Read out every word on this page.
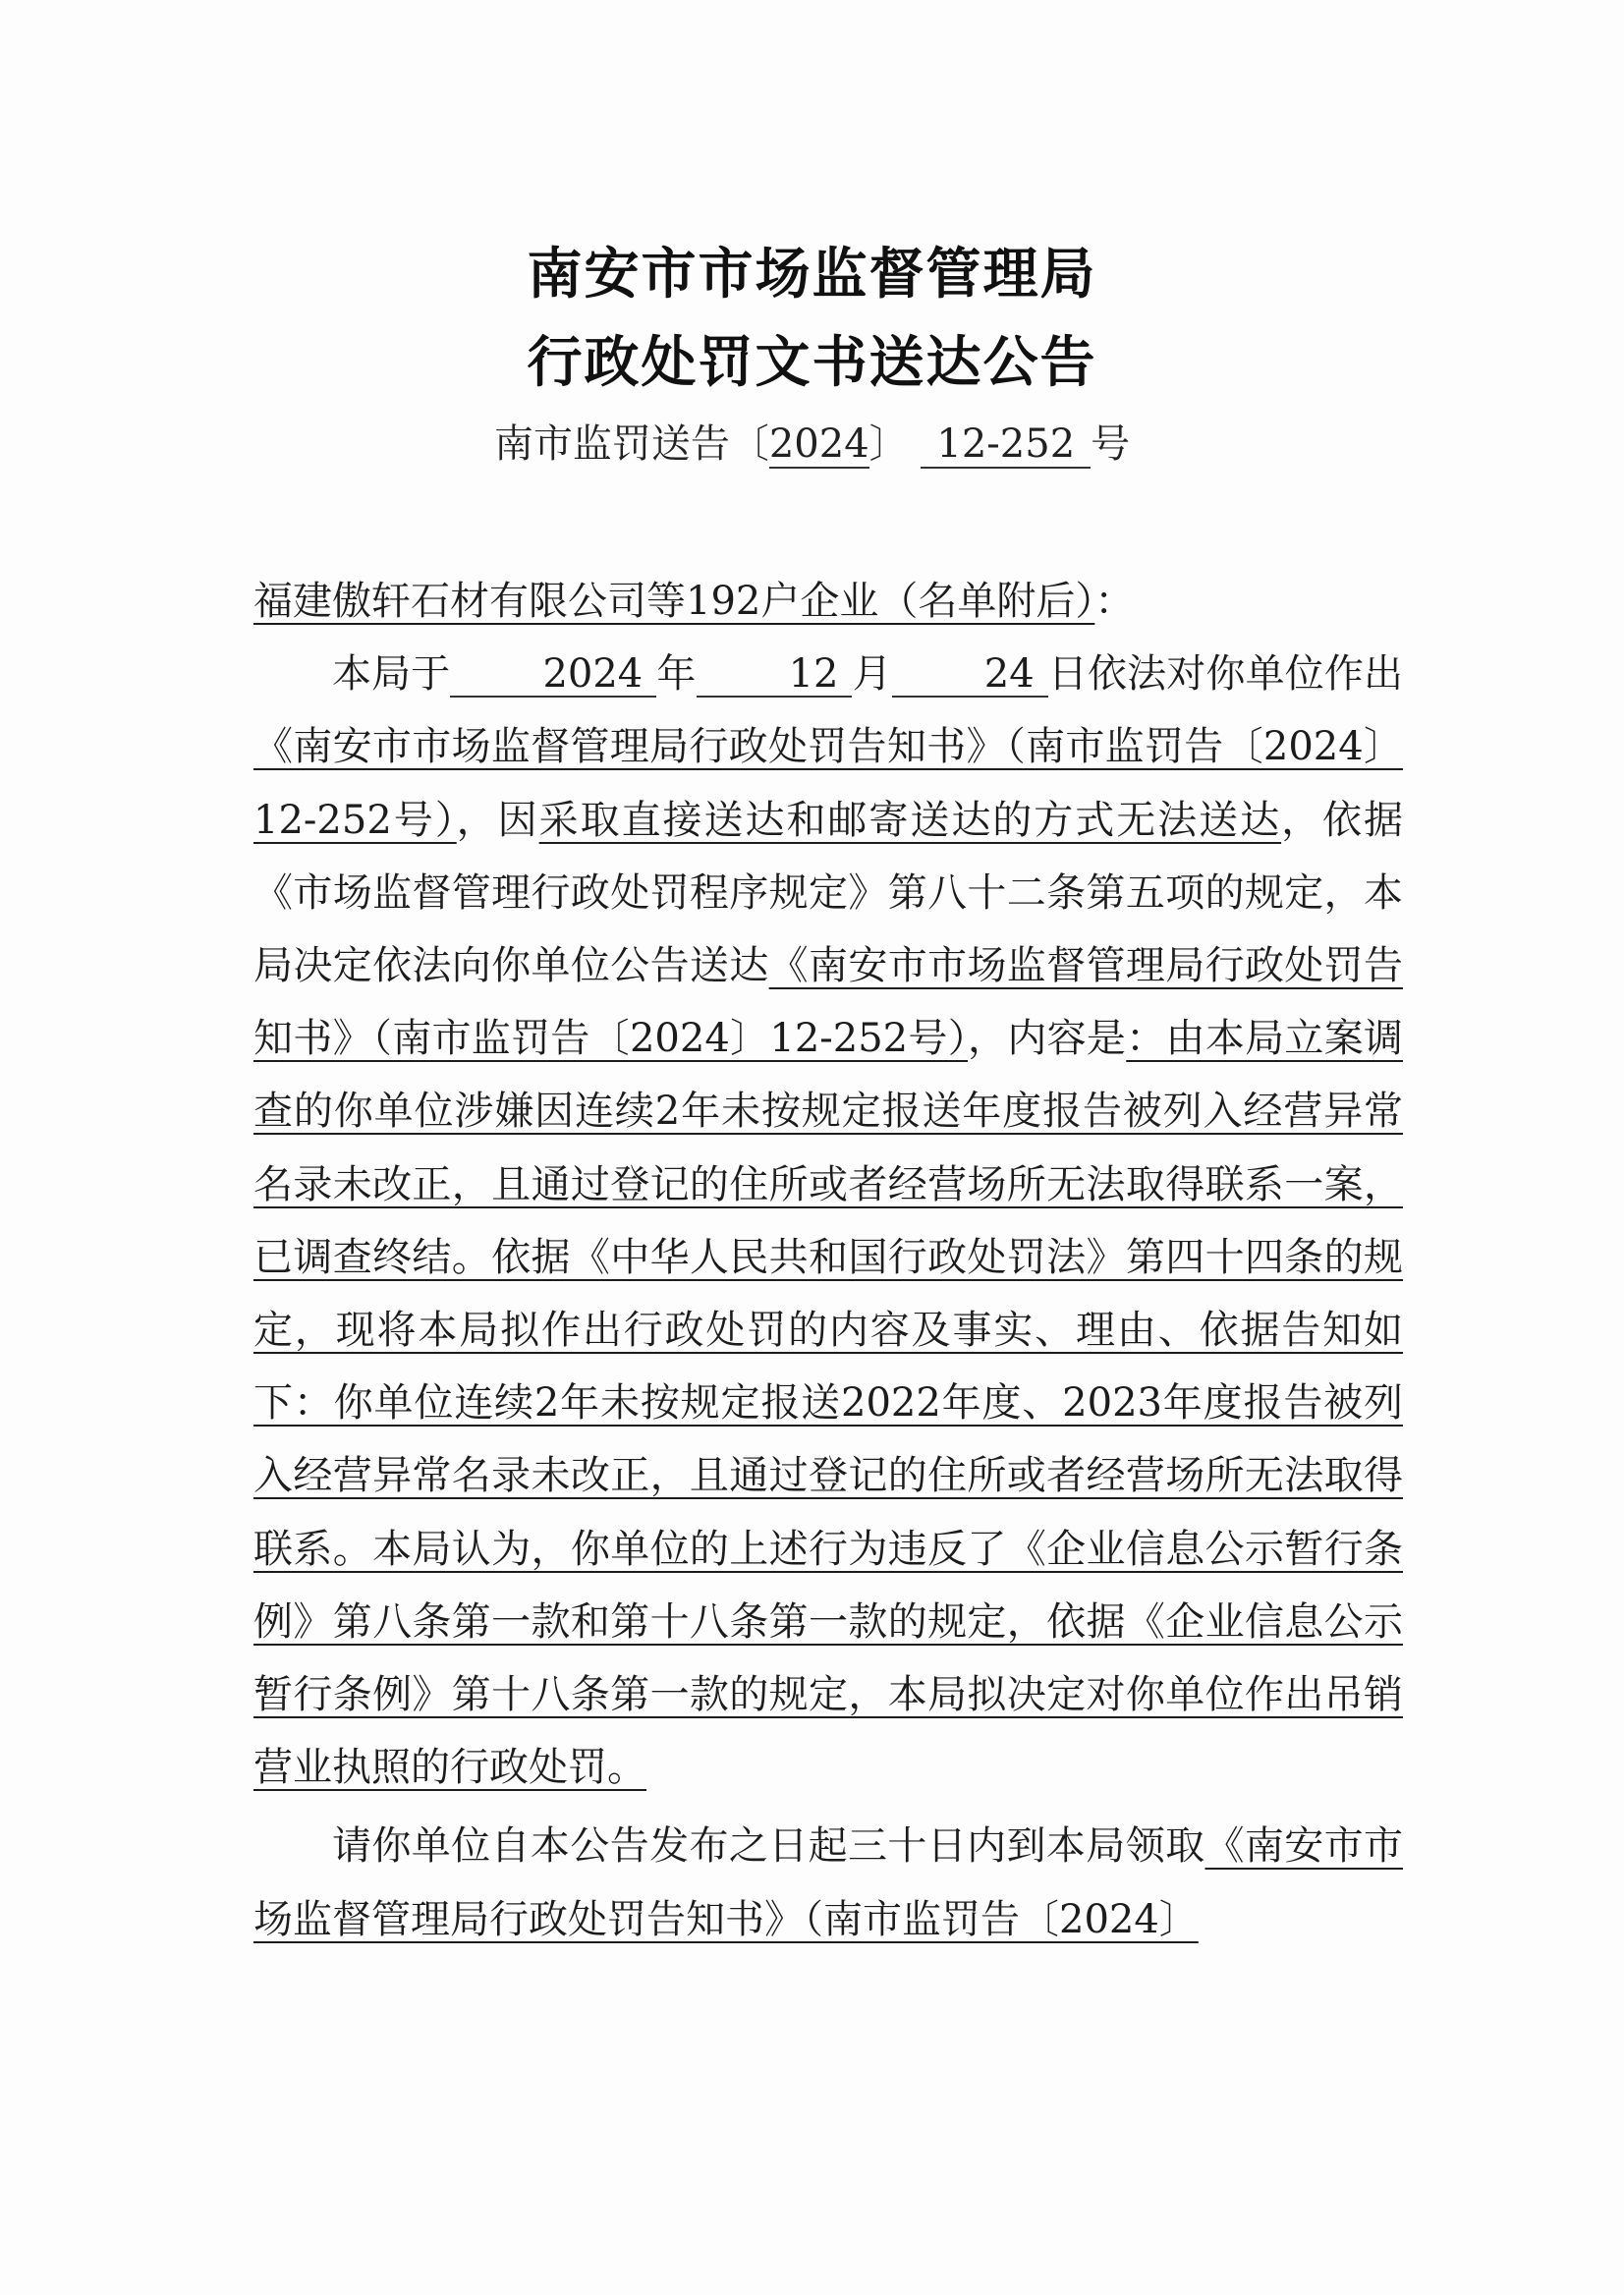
南安市市场监督管理局
行政处罚文书送达公告
南市监罚送告〔2024〕 12-252 号

福建傲轩石材有限公司等192户企业（名单附后）：

本局于 2024 年 12 月 24 日依法对你单位作出《南安市市场监督管理局行政处罚告知书》（南市监罚告〔2024〕12-252号），因采取直接送达和邮寄送达的方式无法送达，依据《市场监督管理行政处罚程序规定》第八十二条第五项的规定，本局决定依法向你单位公告送达《南安市市场监督管理局行政处罚告知书》（南市监罚告〔2024〕12-252号），内容是：由本局立案调查的你单位涉嫌因连续2年未按规定报送年度报告被列入经营异常名录未改正，且通过登记的住所或者经营场所无法取得联系一案，已调查终结。依据《中华人民共和国行政处罚法》第四十四条的规定，现将本局拟作出行政处罚的内容及事实、理由、依据告知如下：你单位连续2年未按规定报送2022年度、2023年度报告被列入经营异常名录未改正，且通过登记的住所或者经营场所无法取得联系。本局认为，你单位的上述行为违反了《企业信息公示暂行条例》第八条第一款和第十八条第一款的规定，依据《企业信息公示暂行条例》第十八条第一款的规定，本局拟决定对你单位作出吊销营业执照的行政处罚。

请你单位自本公告发布之日起三十日内到本局领取《南安市市场监督管理局行政处罚告知书》（南市监罚告〔2024〕
